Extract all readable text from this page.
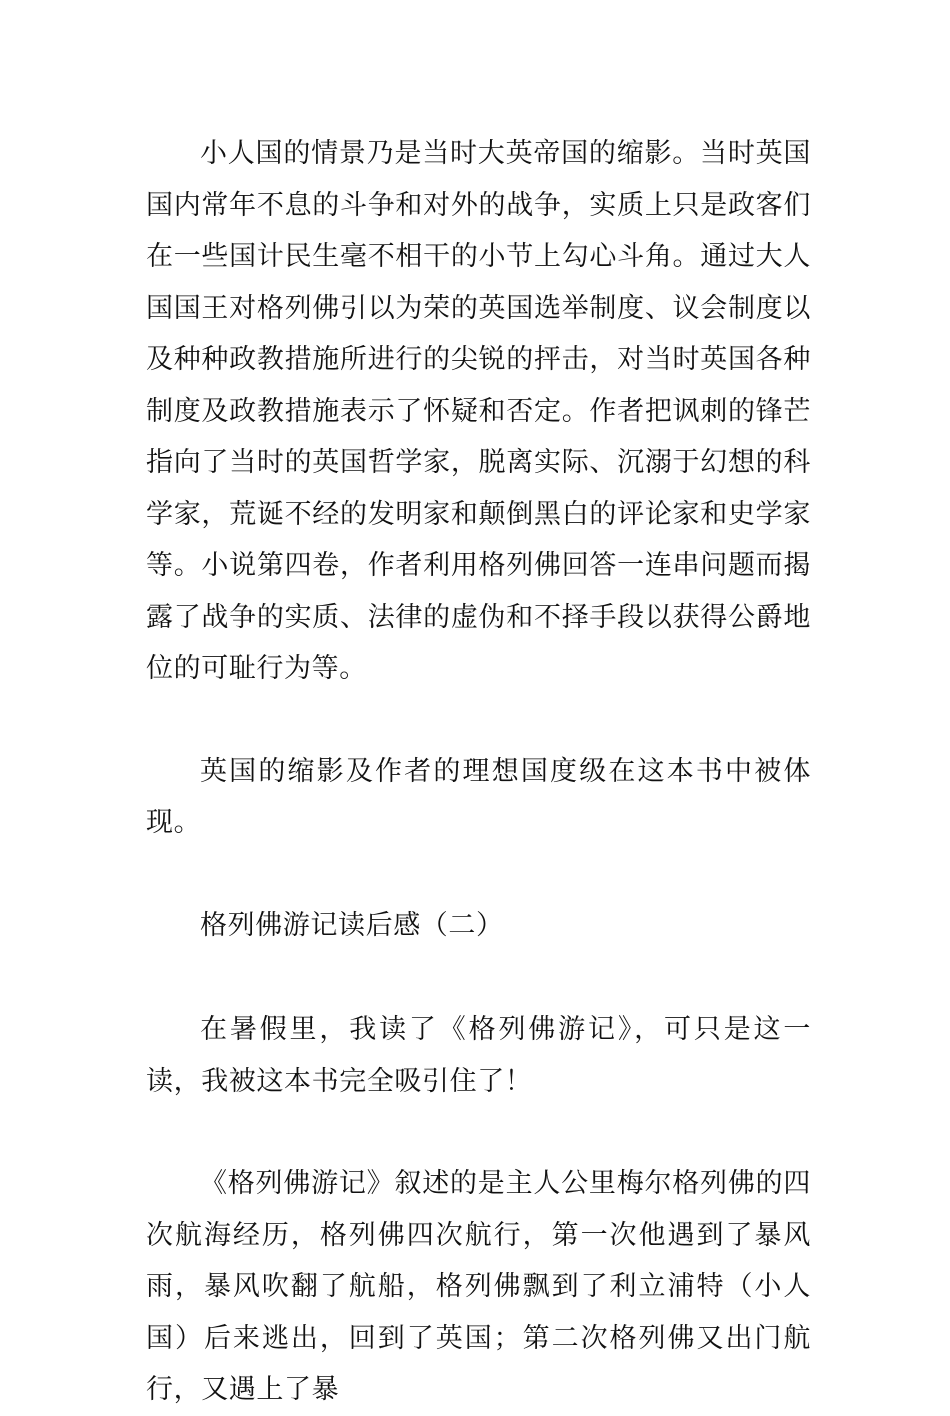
小人国的情景乃是当时大英帝国的缩影。当时英国国内常年不息的斗争和对外的战争，实质上只是政客们在一些国计民生毫不相干的小节上勾心斗角。通过大人国国王对格列佛引以为荣的英国选举制度、议会制度以及种种政教措施所进行的尖锐的抨击，对当时英国各种制度及政教措施表示了怀疑和否定。作者把讽刺的锋芒指向了当时的英国哲学家，脱离实际、沉溺于幻想的科学家，荒诞不经的发明家和颠倒黑白的评论家和史学家等。小说第四卷，作者利用格列佛回答一连串问题而揭露了战争的实质、法律的虚伪和不择手段以获得公爵地位的可耻行为等。

英国的缩影及作者的理想国度级在这本书中被体现。

格列佛游记读后感（二）

在暑假里，我读了《格列佛游记》，可只是这一读，我被这本书完全吸引住了！

《格列佛游记》叙述的是主人公里梅尔格列佛的四次航海经历，格列佛四次航行，第一次他遇到了暴风雨，暴风吹翻了航船，格列佛飘到了利立浦特（小人国）后来逃出，回到了英国；第二次格列佛又出门航行，又遇上了暴
